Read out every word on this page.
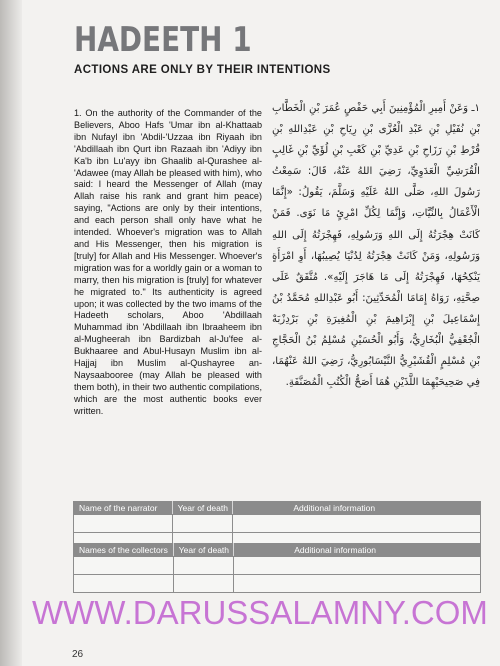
HADEETH 1
ACTIONS ARE ONLY BY THEIR INTENTIONS

1. On the authority of the Commander of the Believers, Aboo Hafs 'Umar ibn al-Khattaab ibn Nufayl ibn 'Abdil-'Uzzaa ibn Riyaah ibn 'Abdillaah ibn Qurt ibn Razaah ibn 'Adiyy ibn Ka'b ibn Lu'ayy ibn Ghaalib al-Qurashee al-'Adawee (may Allah be pleased with him), who said: I heard the Messenger of Allah (may Allah raise his rank and grant him peace) saying, "Actions are only by their intentions, and each person shall only have what he intended. Whoever's migration was to Allah and His Messenger, then his migration is [truly] for Allah and His Messenger. Whoever's migration was for a worldly gain or a woman to marry, then his migration is [truly] for whatever he migrated to." Its authenticity is agreed upon; it was collected by the two imams of the Hadeeth scholars, Aboo 'Abdillaah Muhammad ibn 'Abdillaah ibn Ibraaheem ibn al-Mugheerah ibn Bardizbah al-Ju'fee al-Bukhaaree and Abul-Husayn Muslim ibn al-Hajjaj ibn Muslim al-Qushayree an-Naysaabooree (may Allah be pleased with them both), in their two authentic compilations, which are the most authentic books ever written.

١ـ وَعَنْ أَمِيرِ الْمُؤْمِنِينَ أَبِي حَفْصٍ عُمَرَ بْنِ الْخَطَّابِ بْنِ نُفَيْلِ بْنِ عَبْدِ الْعُزَّى بْنِ رِيَاحِ بْنِ عَبْدِاللهِ بْنِ قُرْطِ بْنِ رَزَاحِ بْنِ عَدِيِّ بْنِ كَعْبِ بْنِ لُؤَيِّ بْنِ غَالِبٍ الْقُرَشِيِّ الْعَدَوِيِّ، رَضِيَ اللهُ عَنْهُ، قَالَ: سَمِعْتُ رَسُولَ اللهِ، صَلَّى اللهُ عَلَيْهِ وَسَلَّمَ، يَقُولُ: «إِنَّمَا الْأَعْمَالُ بِالنِّيَّاتِ، وَإِنَّمَا لِكُلِّ امْرِئٍ مَا نَوَى. فَمَنْ كَانَتْ هِجْرَتُهُ إِلَى اللهِ وَرَسُولِهِ، فَهِجْرَتُهُ إِلَى اللهِ وَرَسُولِهِ، وَمَنْ كَانَتْ هِجْرَتُهُ لِدُنْيَا يُصِيبُهَا، أَوِ امْرَأَةٍ يَنْكِحُهَا، فَهِجْرَتُهُ إِلَى مَا هَاجَرَ إِلَيْهِ». مُتَّفَقٌ عَلَى صِحَّتِهِ، رَوَاهُ إِمَامَا الْمُحَدِّثِينَ: أَبُو عَبْدِاللهِ مُحَمَّدُ بْنُ إِسْمَاعِيلَ بْنِ إِبْرَاهِيمَ بْنِ الْمُغِيرَةِ بْنِ بَرْدِزْبَهْ الْجُعْفِيُّ الْبُخَارِيُّ، وَأَبُو الْحُسَيْنِ مُسْلِمُ بْنُ الْحَجَّاجِ بْنِ مُسْلِمٍ الْقُشَيْرِيُّ النَّيْسَابُورِيُّ، رَضِيَ اللهُ عَنْهُمَا، فِي صَحِيحَيْهِمَا اللَّذَيْنِ هُمَا أَصَحُّ الْكُتُبِ الْمُصَنَّفَةِ.

Name of the narrator	Year of death	Additional information

Names of the collectors	Year of death	Additional information

WWW.DARUSSALAMNY.COM
26
